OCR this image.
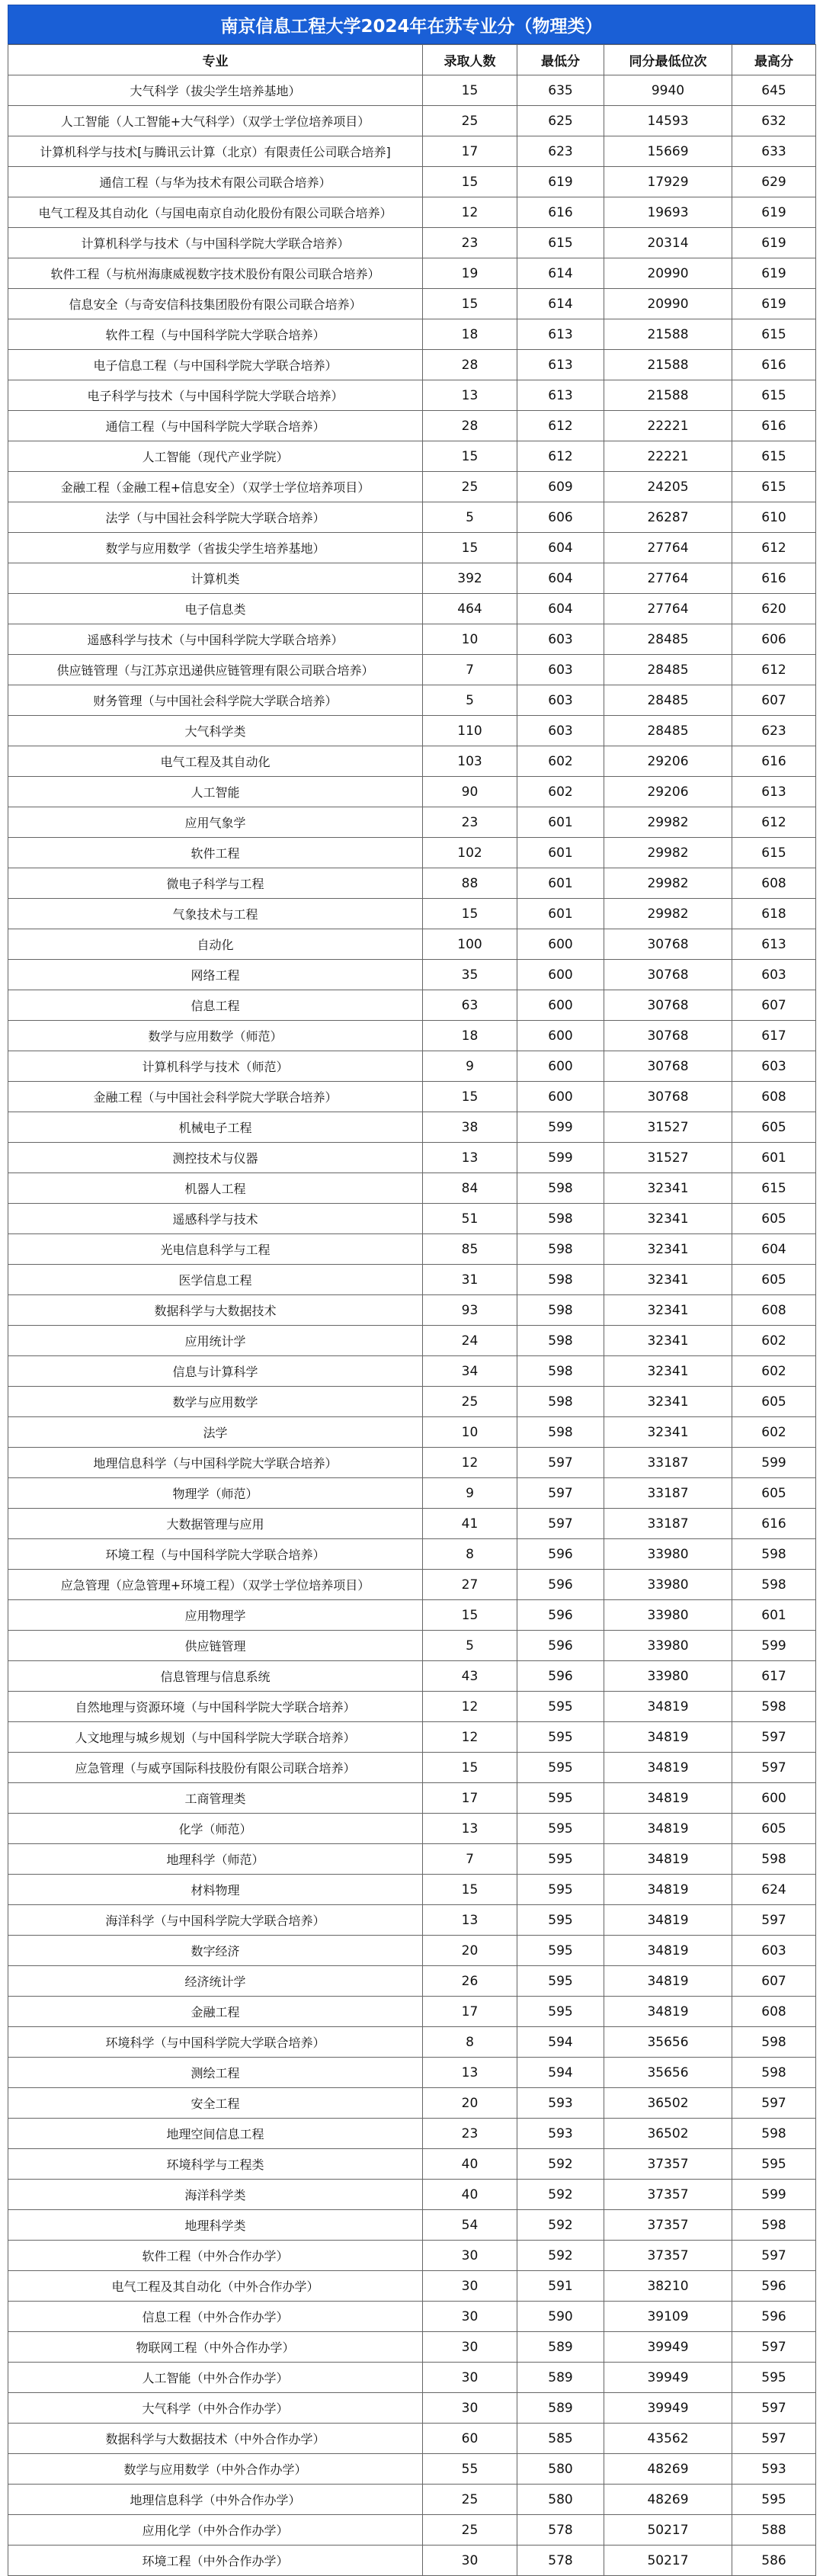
南京信息工程大学2024年在苏专业分（物理类）
专业	录取人数	最低分	同分最低位次	最高分
大气科学（拔尖学生培养基地）	15	635	9940	645
人工智能（人工智能+大气科学）（双学士学位培养项目）	25	625	14593	632
计算机科学与技术[与腾讯云计算（北京）有限责任公司联合培养]	17	623	15669	633
通信工程（与华为技术有限公司联合培养）	15	619	17929	629
电气工程及其自动化（与国电南京自动化股份有限公司联合培养）	12	616	19693	619
计算机科学与技术（与中国科学院大学联合培养）	23	615	20314	619
软件工程（与杭州海康威视数字技术股份有限公司联合培养）	19	614	20990	619
信息安全（与奇安信科技集团股份有限公司联合培养）	15	614	20990	619
软件工程（与中国科学院大学联合培养）	18	613	21588	615
电子信息工程（与中国科学院大学联合培养）	28	613	21588	616
电子科学与技术（与中国科学院大学联合培养）	13	613	21588	615
通信工程（与中国科学院大学联合培养）	28	612	22221	616
人工智能（现代产业学院）	15	612	22221	615
金融工程（金融工程+信息安全）（双学士学位培养项目）	25	609	24205	615
法学（与中国社会科学院大学联合培养）	5	606	26287	610
数学与应用数学（省拔尖学生培养基地）	15	604	27764	612
计算机类	392	604	27764	616
电子信息类	464	604	27764	620
遥感科学与技术（与中国科学院大学联合培养）	10	603	28485	606
供应链管理（与江苏京迅递供应链管理有限公司联合培养）	7	603	28485	612
财务管理（与中国社会科学院大学联合培养）	5	603	28485	607
大气科学类	110	603	28485	623
电气工程及其自动化	103	602	29206	616
人工智能	90	602	29206	613
应用气象学	23	601	29982	612
软件工程	102	601	29982	615
微电子科学与工程	88	601	29982	608
气象技术与工程	15	601	29982	618
自动化	100	600	30768	613
网络工程	35	600	30768	603
信息工程	63	600	30768	607
数学与应用数学（师范）	18	600	30768	617
计算机科学与技术（师范）	9	600	30768	603
金融工程（与中国社会科学院大学联合培养）	15	600	30768	608
机械电子工程	38	599	31527	605
测控技术与仪器	13	599	31527	601
机器人工程	84	598	32341	615
遥感科学与技术	51	598	32341	605
光电信息科学与工程	85	598	32341	604
医学信息工程	31	598	32341	605
数据科学与大数据技术	93	598	32341	608
应用统计学	24	598	32341	602
信息与计算科学	34	598	32341	602
数学与应用数学	25	598	32341	605
法学	10	598	32341	602
地理信息科学（与中国科学院大学联合培养）	12	597	33187	599
物理学（师范）	9	597	33187	605
大数据管理与应用	41	597	33187	616
环境工程（与中国科学院大学联合培养）	8	596	33980	598
应急管理（应急管理+环境工程）（双学士学位培养项目）	27	596	33980	598
应用物理学	15	596	33980	601
供应链管理	5	596	33980	599
信息管理与信息系统	43	596	33980	617
自然地理与资源环境（与中国科学院大学联合培养）	12	595	34819	598
人文地理与城乡规划（与中国科学院大学联合培养）	12	595	34819	597
应急管理（与威亨国际科技股份有限公司联合培养）	15	595	34819	597
工商管理类	17	595	34819	600
化学（师范）	13	595	34819	605
地理科学（师范）	7	595	34819	598
材料物理	15	595	34819	624
海洋科学（与中国科学院大学联合培养）	13	595	34819	597
数字经济	20	595	34819	603
经济统计学	26	595	34819	607
金融工程	17	595	34819	608
环境科学（与中国科学院大学联合培养）	8	594	35656	598
测绘工程	13	594	35656	598
安全工程	20	593	36502	597
地理空间信息工程	23	593	36502	598
环境科学与工程类	40	592	37357	595
海洋科学类	40	592	37357	599
地理科学类	54	592	37357	598
软件工程（中外合作办学）	30	592	37357	597
电气工程及其自动化（中外合作办学）	30	591	38210	596
信息工程（中外合作办学）	30	590	39109	596
物联网工程（中外合作办学）	30	589	39949	597
人工智能（中外合作办学）	30	589	39949	595
大气科学（中外合作办学）	30	589	39949	597
数据科学与大数据技术（中外合作办学）	60	585	43562	597
数学与应用数学（中外合作办学）	55	580	48269	593
地理信息科学（中外合作办学）	25	580	48269	595
应用化学（中外合作办学）	25	578	50217	588
环境工程（中外合作办学）	30	578	50217	586
